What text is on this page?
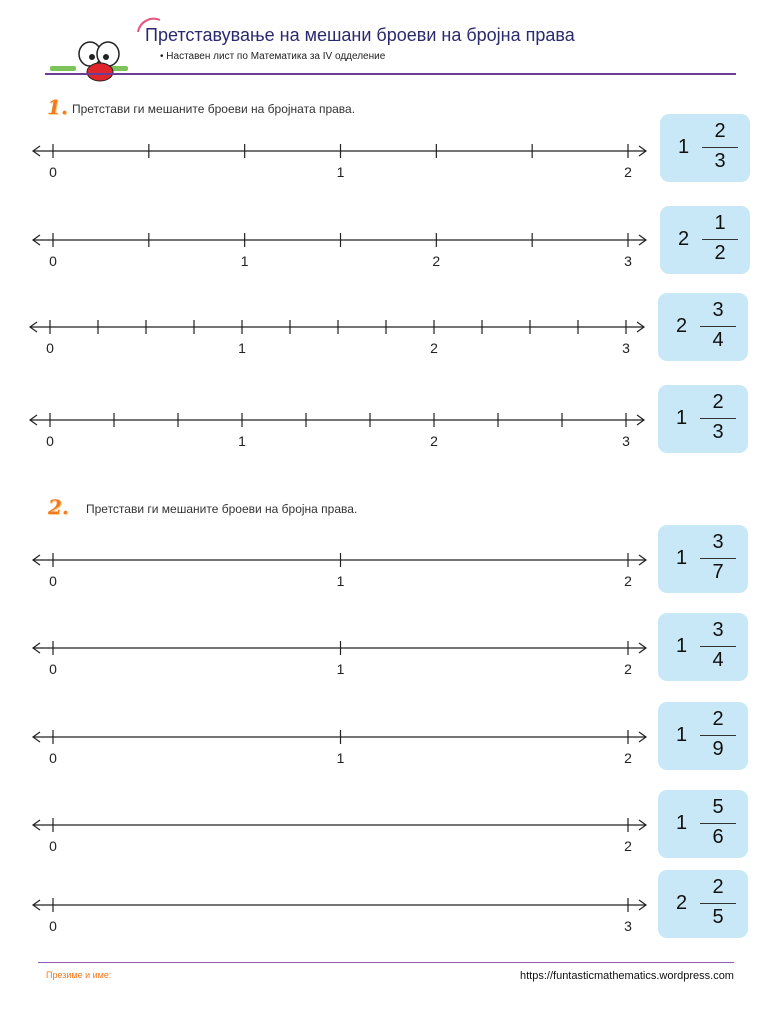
Претставување на мешани броеви на бројна права
• Наставен лист по Математика за IV одделение
1. Претстави ги мешаните броеви на бројната права.
2. Претстави ги мешаните броеви на бројна права.
0	1	2
0	1	2	3
0	1	2	3
0	1	2	3
0	1	2
0	1	2
0	1	2
0	2
0	3
1
2
3
2
1
2
2
3
4
1
2
3
1
3
7
1
3
4
1
2
9
1
5
6
2
2
5
Презиме и име:	https://funtasticmathematics.wordpress.com
